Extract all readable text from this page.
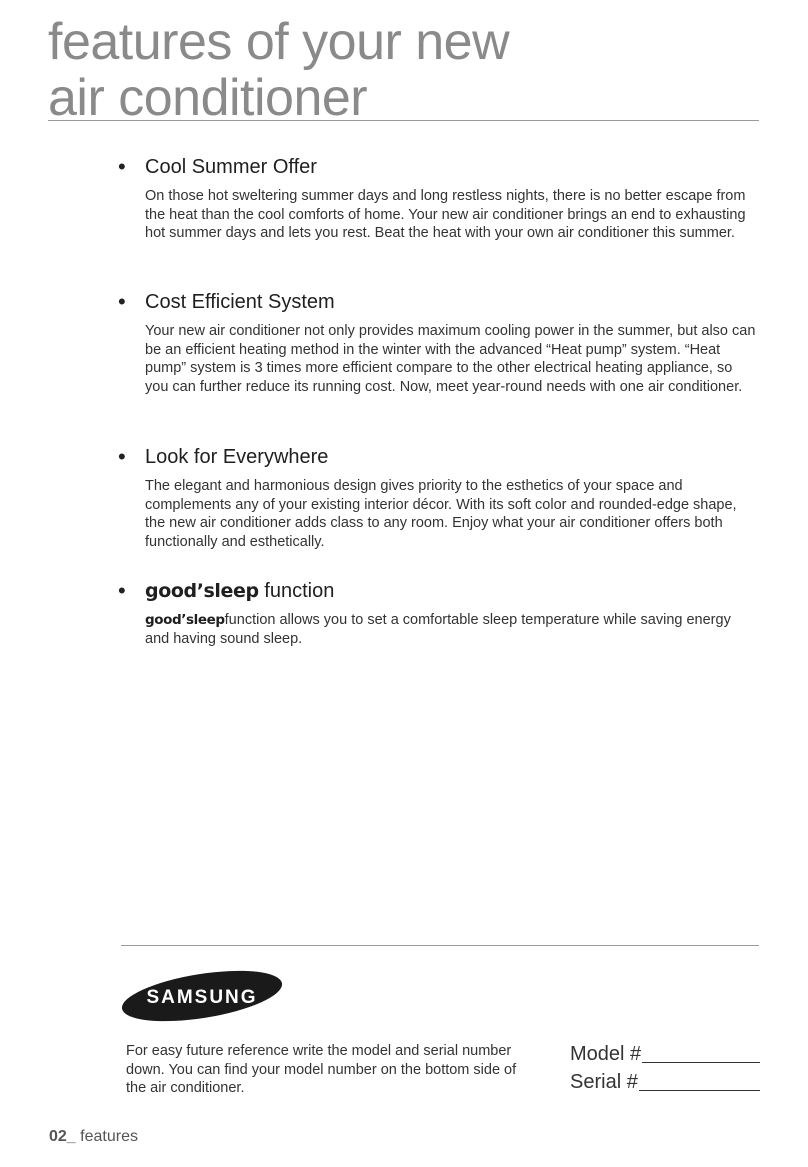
features of your new
air conditioner
• Cool Summer Offer

On those hot sweltering summer days and long restless nights, there is no better escape from the heat than the cool comforts of home. Your new air conditioner brings an end to exhausting hot summer days and lets you rest. Beat the heat with your own air conditioner this summer.

• Cost Efficient System

Your new air conditioner not only provides maximum cooling power in the summer, but also can be an efficient heating method in the winter with the advanced “Heat pump” system. “Heat pump” system is 3 times more efficient compare to the other electrical heating appliance, so you can further reduce its running cost. Now, meet year-round needs with one air conditioner.

• Look for Everywhere

The elegant and harmonious design gives priority to the esthetics of your space and complements any of your existing interior décor. With its soft color and rounded-edge shape, the new air conditioner adds class to any room. Enjoy what your air conditioner offers both functionally and esthetically.

• good’sleep function

good’sleepfunction allows you to set a comfortable sleep temperature while saving energy and having sound sleep.

SAMSUNG
For easy future reference write the model and serial number down. You can find your model number on the bottom side of the air conditioner.
Model #
Serial #
02_ features
